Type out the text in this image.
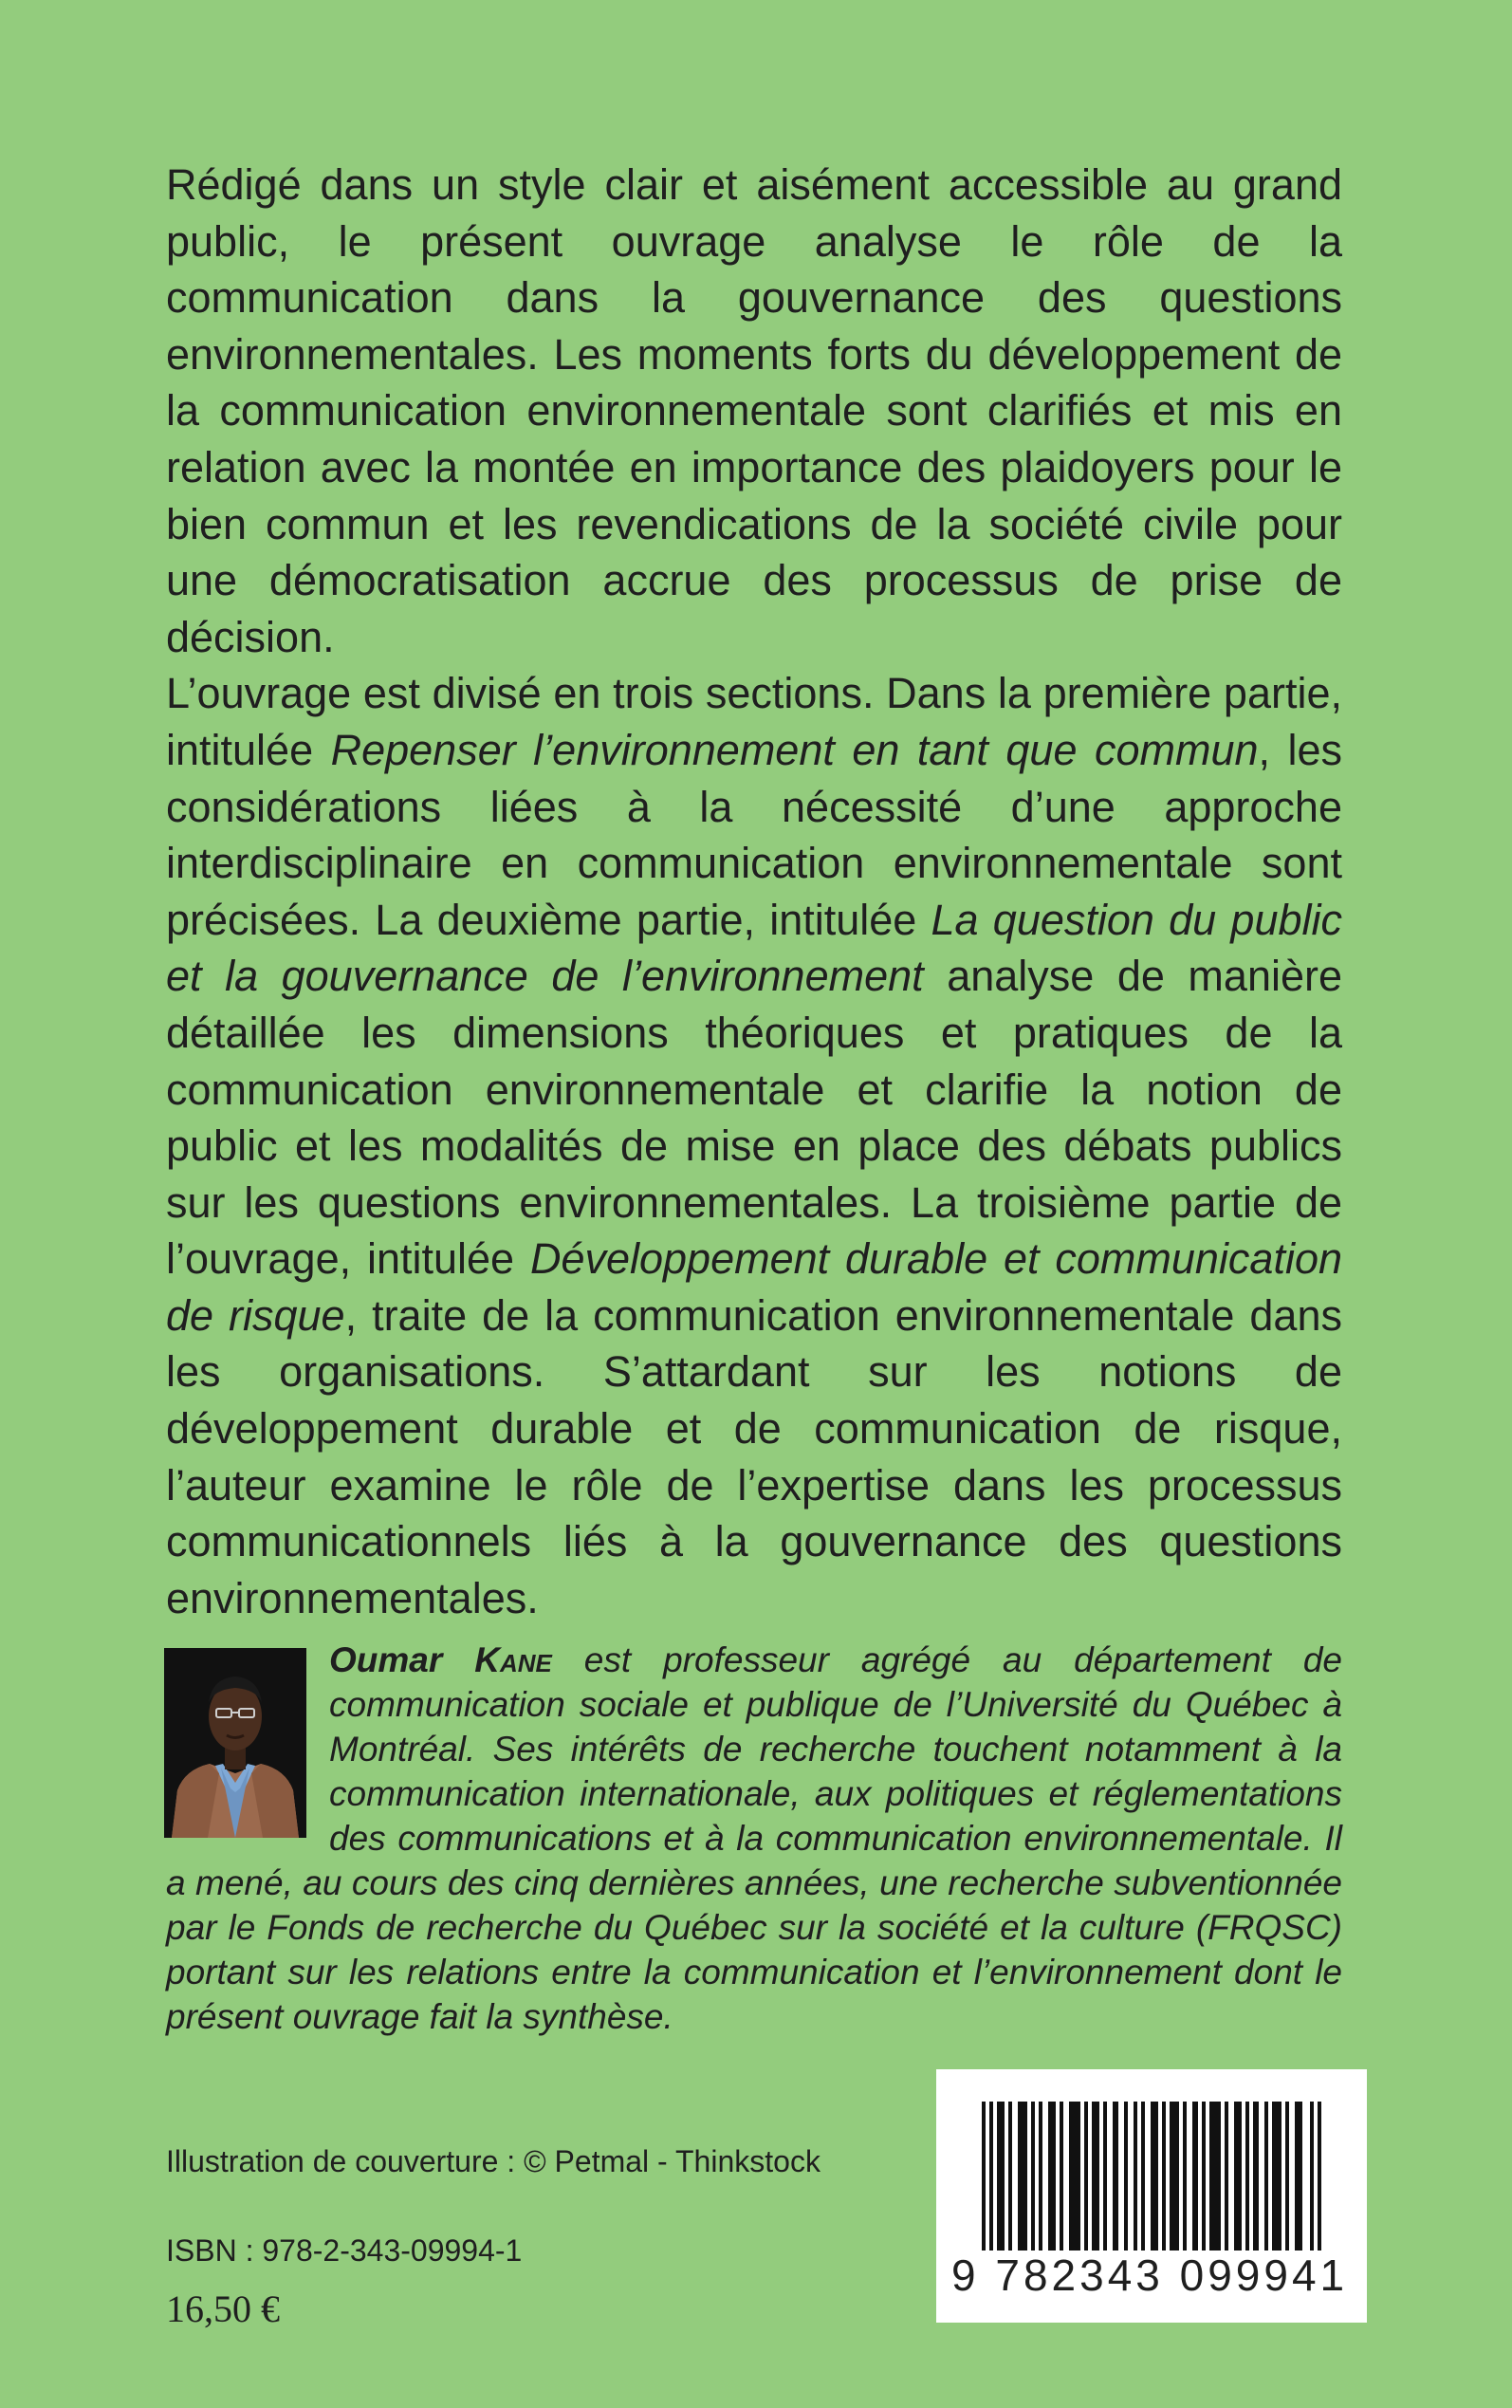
Rédigé dans un style clair et aisément accessible au grand public, le présent ouvrage analyse le rôle de la communication dans la gouvernance des questions environnementales. Les moments forts du développement de la communication environnementale sont clarifiés et mis en relation avec la montée en importance des plaidoyers pour le bien commun et les revendications de la société civile pour une démocratisation accrue des processus de prise de décision.

L’ouvrage est divisé en trois sections. Dans la première partie, intitulée Repenser l’environnement en tant que commun, les considérations liées à la nécessité d’une approche interdisciplinaire en communication environnementale sont précisées. La deuxième partie, intitulée La question du public et la gouvernance de l’environnement analyse de manière détaillée les dimensions théoriques et pratiques de la communication environnementale et clarifie la notion de public et les modalités de mise en place des débats publics sur les questions environnementales. La troisième partie de l’ouvrage, intitulée Développement durable et communication de risque, traite de la communication environnementale dans les organisations. S’attardant sur les notions de développement durable et de communication de risque, l’auteur examine le rôle de l’expertise dans les processus communicationnels liés à la gouvernance des questions environnementales.

Oumar Kane est professeur agrégé au département de communication sociale et publique de l’Université du Québec à Montréal. Ses intérêts de recherche touchent notamment à la communication internationale, aux politiques et réglementations des communications et à la communication environnementale. Il a mené, au cours des cinq dernières années, une recherche subventionnée par le Fonds de recherche du Québec sur la société et la culture (FRQSC) portant sur les relations entre la communication et l’environnement dont le présent ouvrage fait la synthèse.

Illustration de couverture : © Petmal - Thinkstock
ISBN : 978-2-343-09994-1
16,50 €
9 782343 099941
